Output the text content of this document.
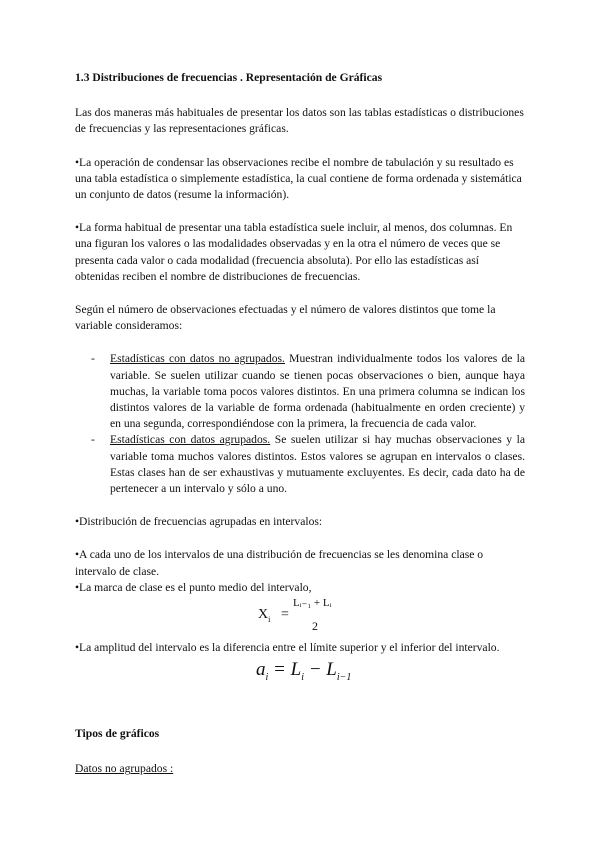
1.3 Distribuciones de frecuencias . Representación de Gráficas

Las dos maneras más habituales de presentar los datos son las tablas estadísticas o distribuciones de frecuencias y las representaciones gráficas.

•La operación de condensar las observaciones recibe el nombre de tabulación y su resultado es una tabla estadística o simplemente estadística, la cual contiene de forma ordenada y sistemática un conjunto de datos (resume la información).

•La forma habitual de presentar una tabla estadística suele incluir, al menos, dos columnas. En una figuran los valores o las modalidades observadas y en la otra el número de veces que se presenta cada valor o cada modalidad (frecuencia absoluta). Por ello las estadísticas así obtenidas reciben el nombre de distribuciones de frecuencias.

Según el número de observaciones efectuadas y el número de valores distintos que tome la variable consideramos:

- Estadísticas con datos no agrupados. Muestran individualmente todos los valores de la variable. Se suelen utilizar cuando se tienen pocas observaciones o bien, aunque haya muchas, la variable toma pocos valores distintos. En una primera columna se indican los distintos valores de la variable de forma ordenada (habitualmente en orden creciente) y en una segunda, correspondiéndose con la primera, la frecuencia de cada valor.
- Estadísticas con datos agrupados. Se suelen utilizar si hay muchas observaciones y la variable toma muchos valores distintos. Estos valores se agrupan en intervalos o clases. Estas clases han de ser exhaustivas y mutuamente excluyentes. Es decir, cada dato ha de pertenecer a un intervalo y sólo a uno.

•Distribución de frecuencias agrupadas en intervalos:

•A cada uno de los intervalos de una distribución de frecuencias se les denomina clase o intervalo de clase.

•La marca de clase es el punto medio del intervalo,

$X_i$ =
Lᵢ₋₁ + Lᵢ
2

•La amplitud del intervalo es la diferencia entre el límite superior y el inferior del intervalo.

$a_i = L_i - L_{i-1}$

Tipos de gráficos

Datos no agrupados :
